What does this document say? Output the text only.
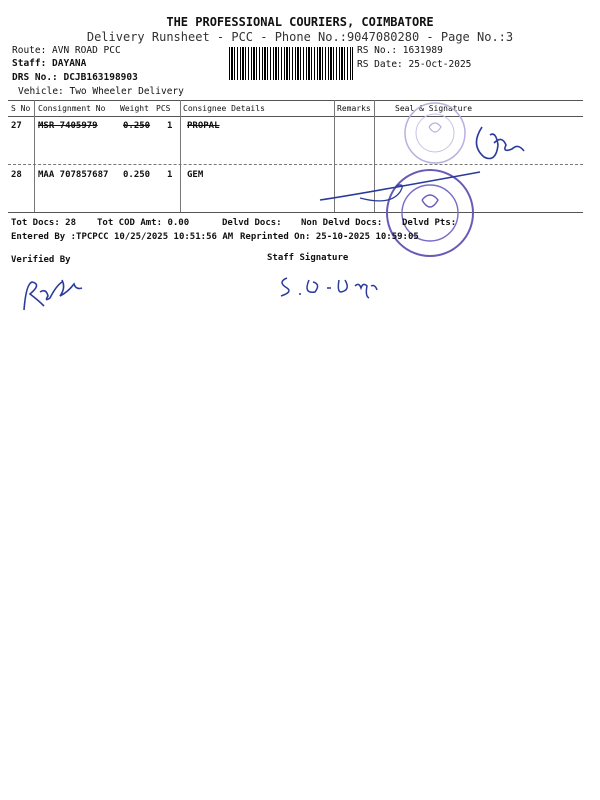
THE PROFESSIONAL COURIERS, COIMBATORE
Delivery Runsheet - PCC - Phone No.:9047080280 - Page No.:3
Route: AVN ROAD PCC
Staff: DAYANA
DRS No.: DCJB163198903
Vehicle: Two Wheeler Delivery
RS No.: 1631989
RS Date: 25-Oct-2025
S No Consignment No Weight PCS Consignee Details	Remarks	Seal & Signature
27 MSR 7405979	0.250 1 PROPAL
28 MAA 707857687 0.250 1 GEM
Tot Docs: 28 Tot COD Amt: 0.00	Delvd Docs: Non Delvd Docs: Delvd Pts:
Entered By :TPCPCC 10/25/2025 10:51:56 AM Reprinted On: 25-10-2025 10:59:05
Verified By	Staff Signature
